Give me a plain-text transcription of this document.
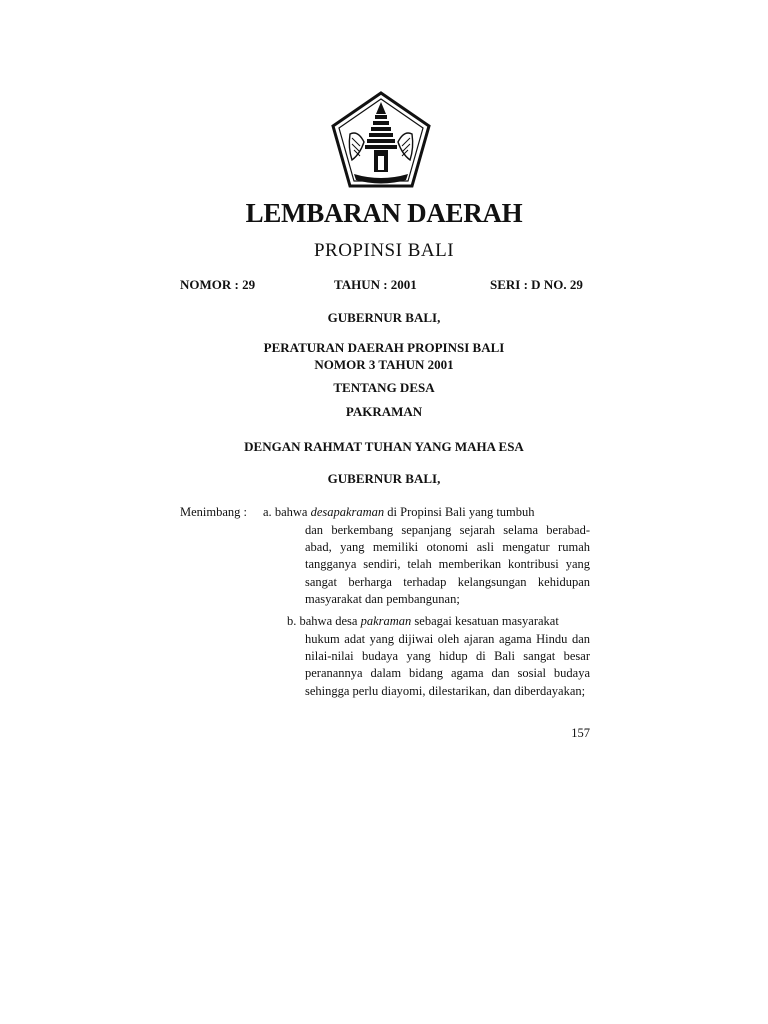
LEMBARAN DAERAH
PROPINSI BALI
NOMOR : 29	TAHUN : 2001	SERI : D NO. 29
GUBERNUR BALI,
PERATURAN DAERAH PROPINSI BALI
NOMOR 3 TAHUN 2001
TENTANG DESA
PAKRAMAN
DENGAN RAHMAT TUHAN YANG MAHA ESA
GUBERNUR BALI,
Menimbang : a. bahwa desapakraman di Propinsi Bali yang tumbuh
dan berkembang sepanjang sejarah selama berabad-abad, yang memiliki otonomi asli mengatur rumah tangganya sendiri, telah memberikan kontribusi yang sangat berharga terhadap kelangsungan kehidupan masyarakat dan pembangunan;
b. bahwa desa pakraman sebagai kesatuan masyarakat
hukum adat yang dijiwai oleh ajaran agama Hindu dan nilai-nilai budaya yang hidup di Bali sangat besar peranannya dalam bidang agama dan sosial budaya sehingga perlu diayomi, dilestarikan, dan diberdayakan;
157
